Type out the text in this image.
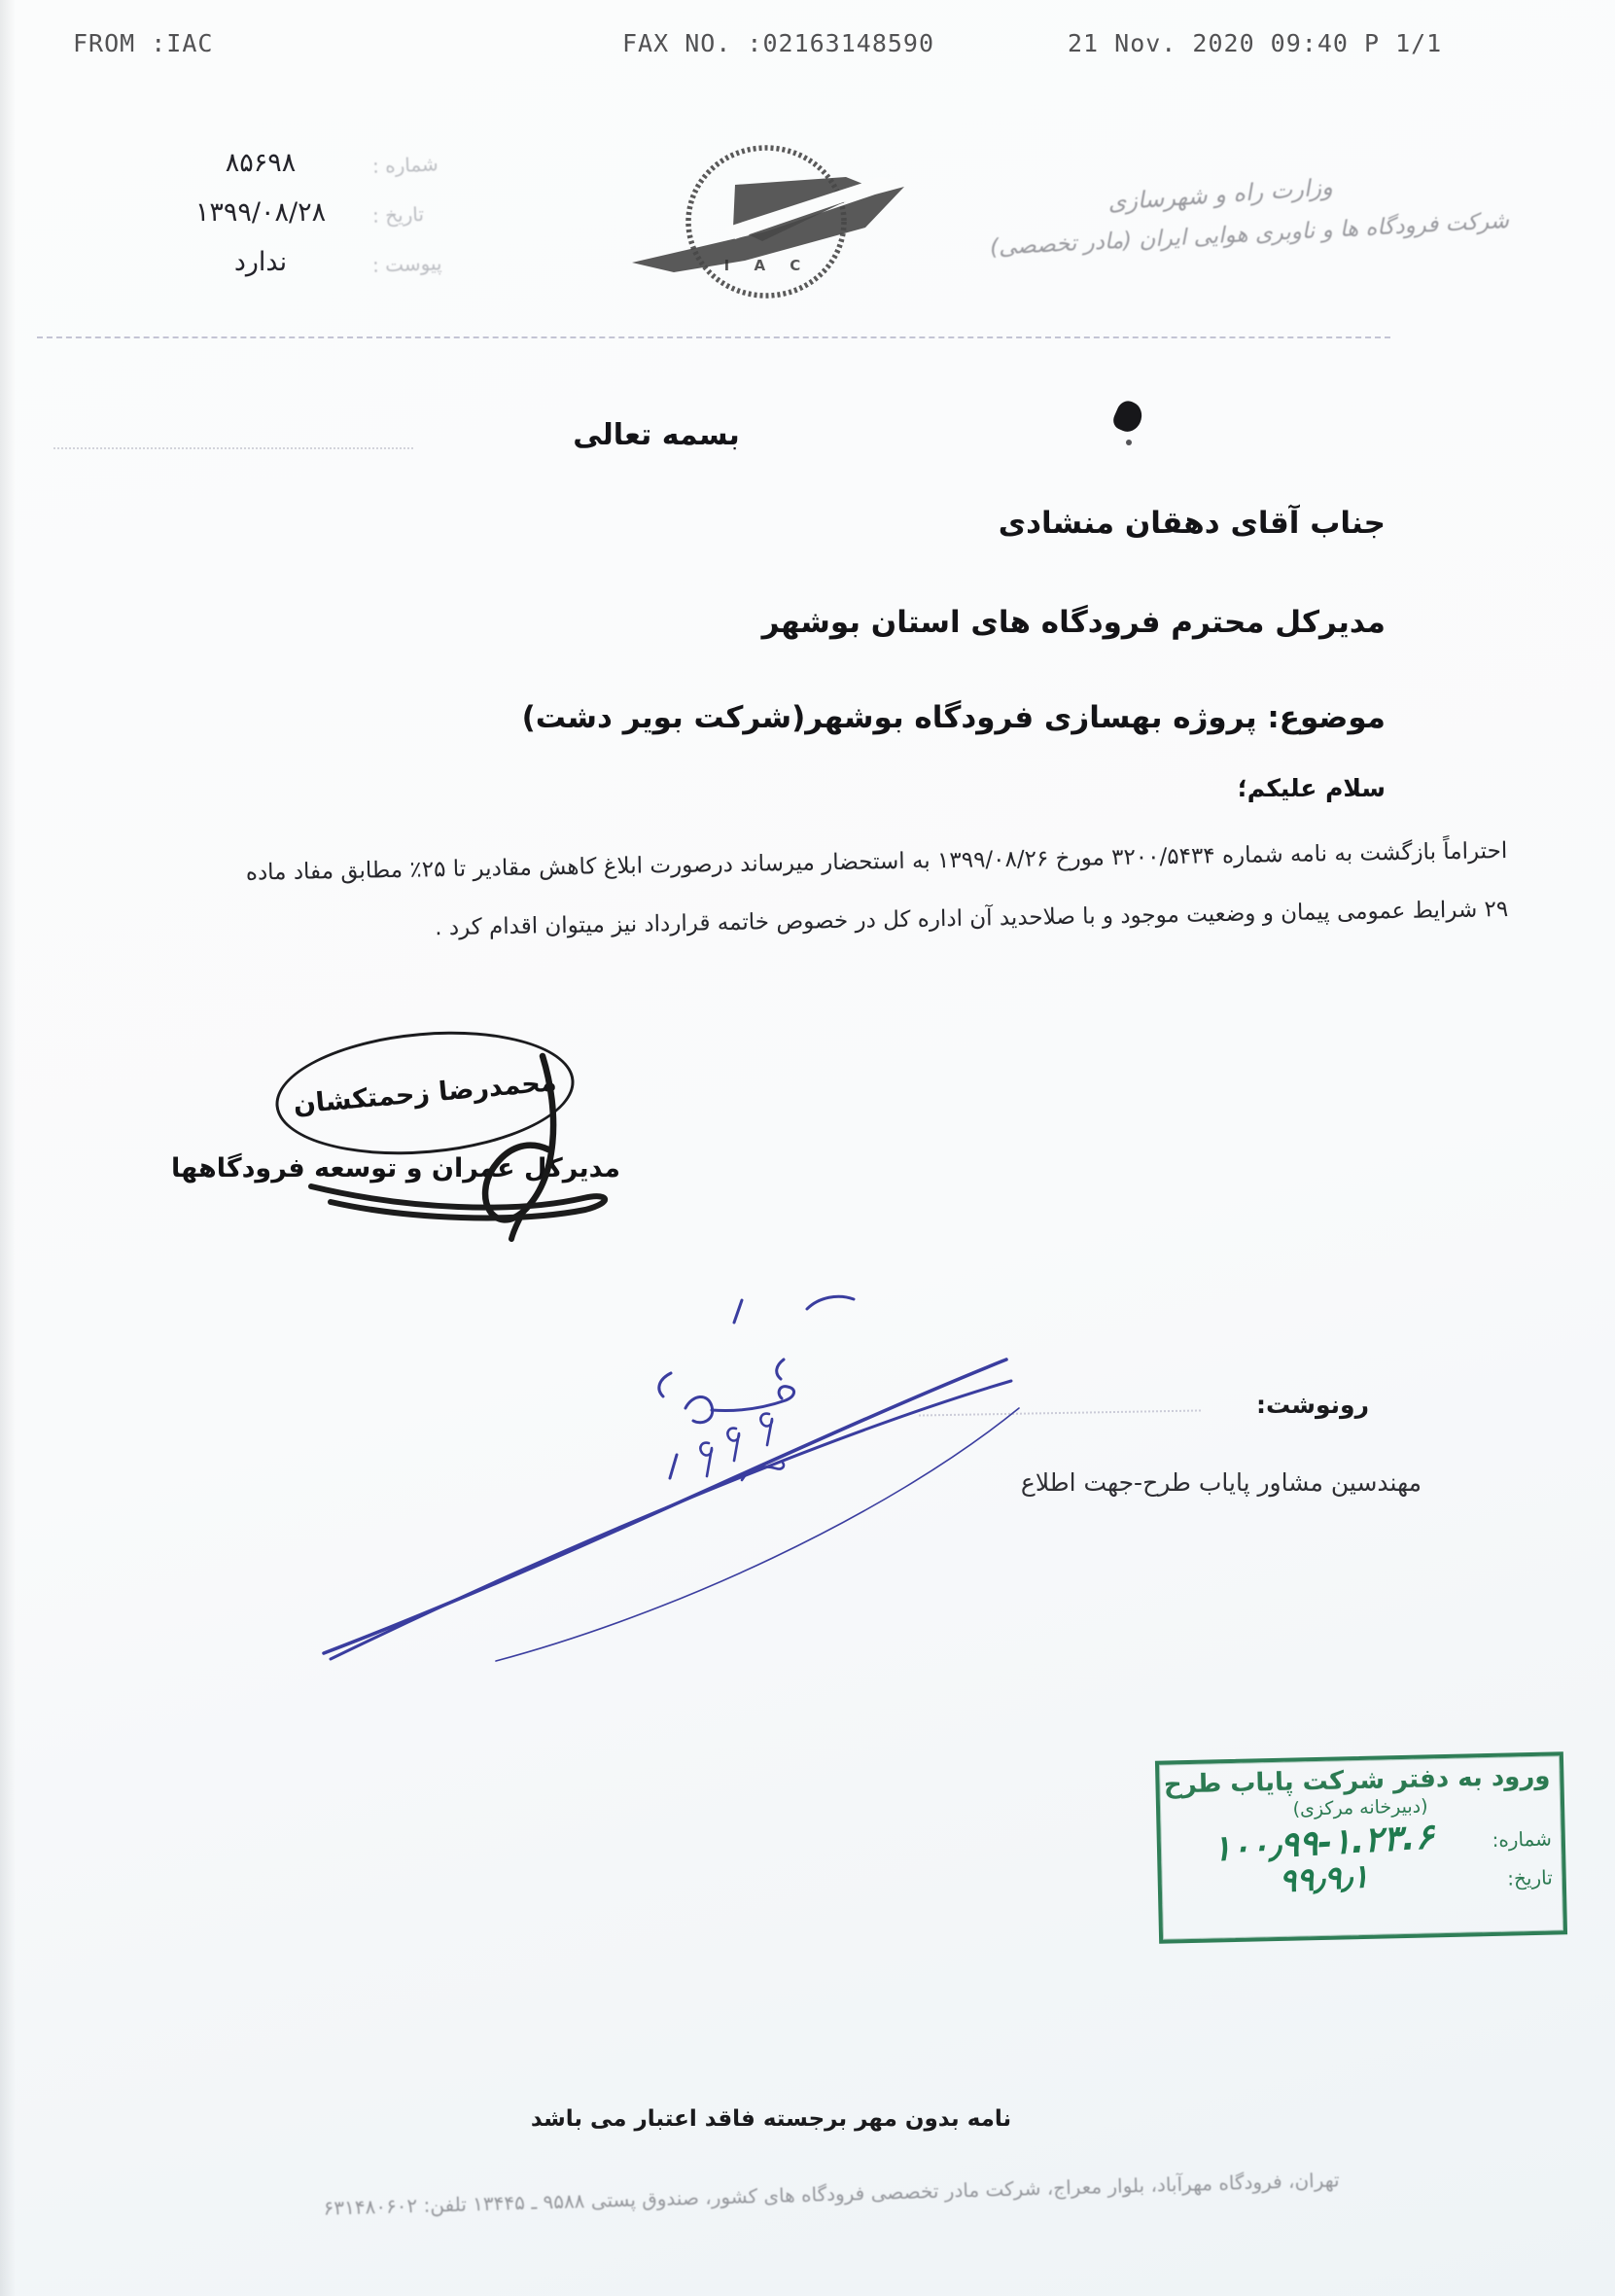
FROM :IAC	FAX NO. :02163148590	21 Nov. 2020 09:40 P 1/1
شماره :
۸۵۶۹۸
تاریخ :
۱۳۹۹/۰۸/۲۸
پیوست :
ندارد	I A C
وزارت راه و شهرسازی
شرکت فرودگاه ها و ناوبری هوایی ایران (مادر تخصصی)
بسمه تعالی
جناب آقای دهقان منشادی
مدیرکل محترم فرودگاه های استان بوشهر
موضوع: پروژه بهسازی فرودگاه بوشهر(شرکت بویر دشت)
سلام علیکم؛
احتراماً بازگشت به نامه شماره ۳۲۰۰/۵۴۳۴ مورخ ۱۳۹۹/۰۸/۲۶ به استحضار میرساند درصورت ابلاغ کاهش مقادیر تا ۲۵٪ مطابق مفاد ماده
۲۹ شرایط عمومی پیمان و وضعیت موجود و با صلاحدید آن اداره کل در خصوص خاتمه قرارداد نیز میتوان اقدام کرد .
محمدرضا زحمتکشان
مدیرکل عمران و توسعه فرودگاهها
رونوشت:
مهندسین مشاور پایاب طرح-جهت اطلاع
ورود به دفتر شرکت پایاب طرح
(دبیرخانه مرکزی)
شماره:
۱۰۰٫۹۹-۱.۲۳.۶
تاریخ:
۹۹٫۹٫۱
نامه بدون مهر برجسته فاقد اعتبار می باشد
تهران، فرودگاه مهرآباد، بلوار معراج، شرکت مادر تخصصی فرودگاه های کشور، صندوق پستی ۹۵۸۸ ـ ۱۳۴۴۵ تلفن: ۶۳۱۴۸۰۶۰۲
